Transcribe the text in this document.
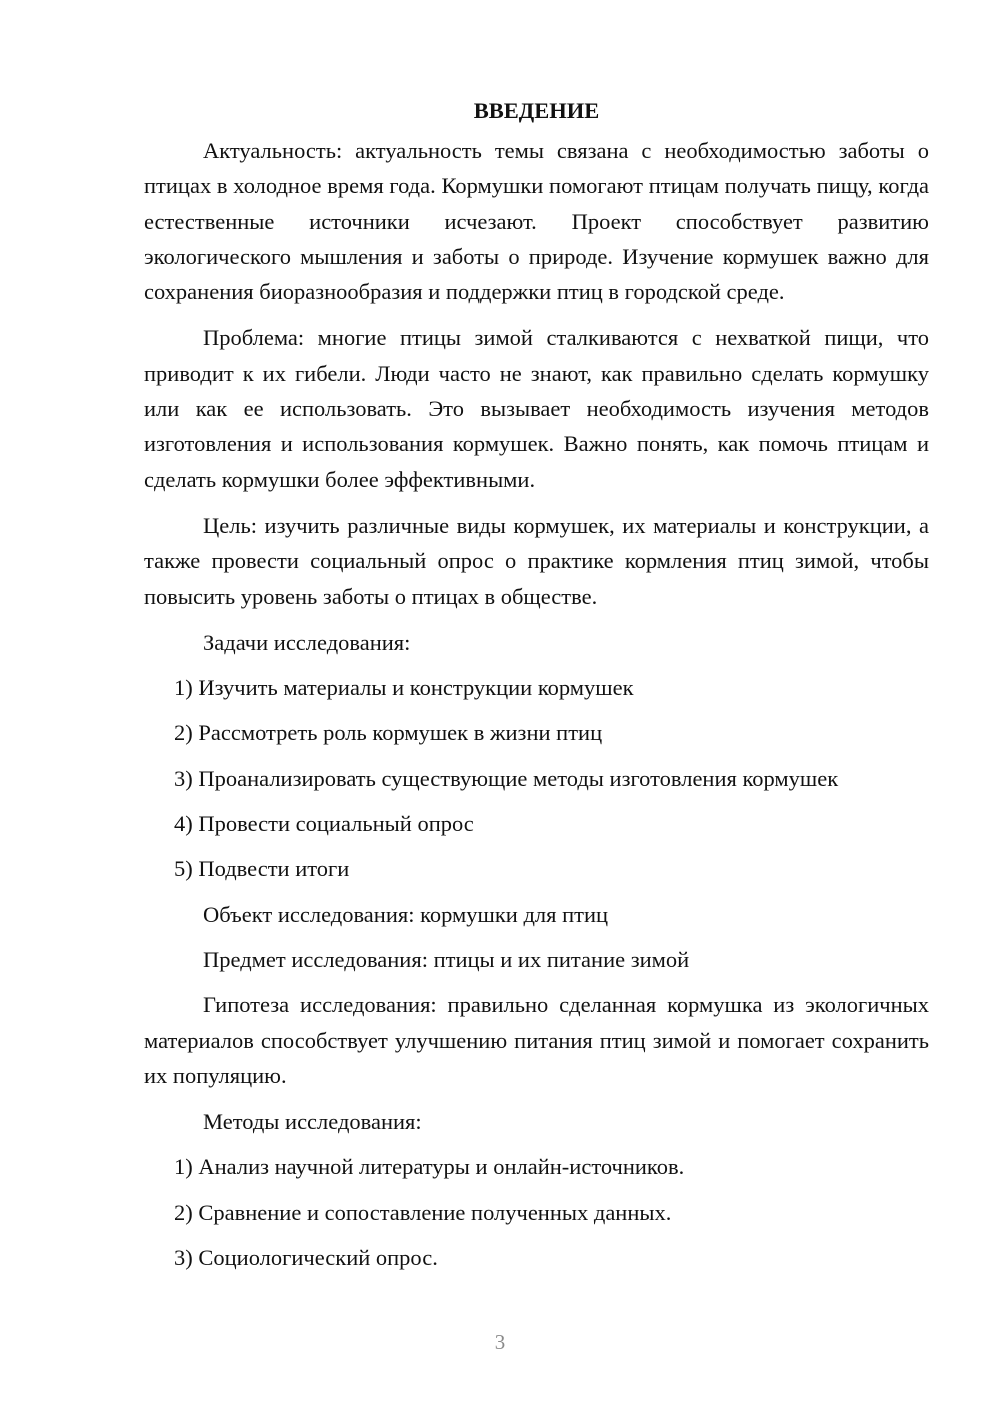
ВВЕДЕНИЕ
Актуальность: актуальность темы связана с необходимостью заботы о птицах в холодное время года. Кормушки помогают птицам получать пищу, когда естественные источники исчезают. Проект способствует развитию экологического мышления и заботы о природе. Изучение кормушек важно для сохранения биоразнообразия и поддержки птиц в городской среде.
Проблема: многие птицы зимой сталкиваются с нехваткой пищи, что приводит к их гибели. Люди часто не знают, как правильно сделать кормушку или как ее использовать. Это вызывает необходимость изучения методов изготовления и использования кормушек. Важно понять, как помочь птицам и сделать кормушки более эффективными.
Цель: изучить различные виды кормушек, их материалы и конструкции, а также провести социальный опрос о практике кормления птиц зимой, чтобы повысить уровень заботы о птицах в обществе.
Задачи исследования:
1) Изучить материалы и конструкции кормушек
2) Рассмотреть роль кормушек в жизни птиц
3) Проанализировать существующие методы изготовления кормушек
4) Провести социальный опрос
5) Подвести итоги
Объект исследования: кормушки для птиц
Предмет исследования: птицы и их питание зимой
Гипотеза исследования: правильно сделанная кормушка из экологичных материалов способствует улучшению питания птиц зимой и помогает сохранить их популяцию.
Методы исследования:
1) Анализ научной литературы и онлайн-источников.
2) Сравнение и сопоставление полученных данных.
3) Социологический опрос.
3
